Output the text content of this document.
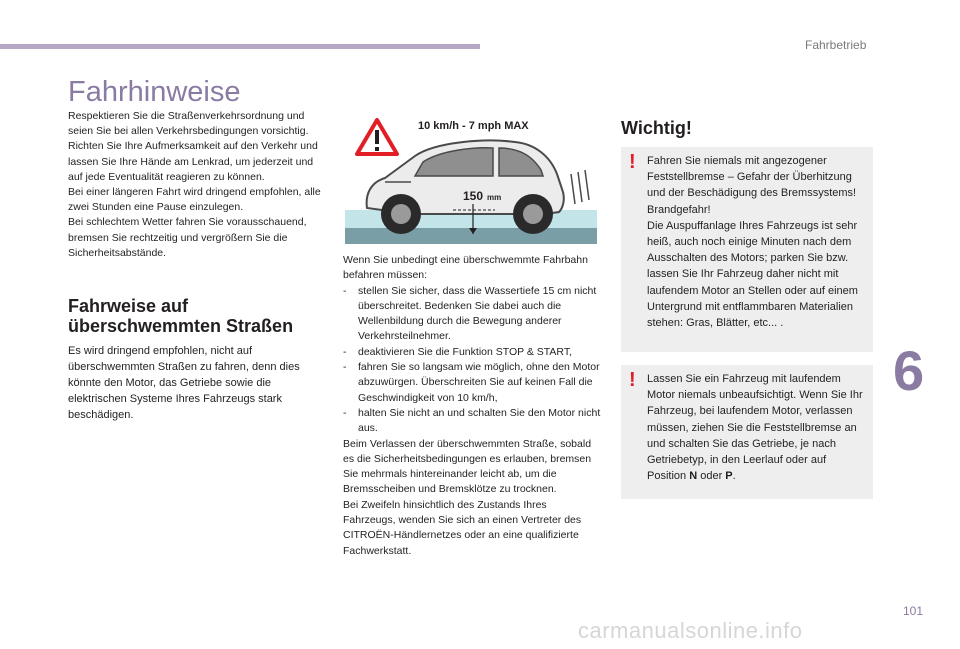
Fahrbetrieb
Fahrhinweise

Respektieren Sie die Straßenverkehrsordnung und seien Sie bei allen Verkehrsbedingungen vorsichtig.

Richten Sie Ihre Aufmerksamkeit auf den Verkehr und lassen Sie Ihre Hände am Lenkrad, um jederzeit und auf jede Eventualität reagieren zu können.

Bei einer längeren Fahrt wird dringend empfohlen, alle zwei Stunden eine Pause einzulegen.

Bei schlechtem Wetter fahren Sie vorausschauend, bremsen Sie rechtzeitig und vergrößern Sie die Sicherheitsabstände.

Fahrweise auf überschwemmten Straßen

Es wird dringend empfohlen, nicht auf überschwemmten Straßen zu fahren, denn dies könnte den Motor, das Getriebe sowie die elektrischen Systeme Ihres Fahrzeugs stark beschädigen.

150 mm
10 km/h - 7 mph MAX

Wenn Sie unbedingt eine überschwemmte Fahrbahn befahren müssen:

- stellen Sie sicher, dass die Wassertiefe 15 cm nicht überschreitet. Bedenken Sie dabei auch die Wellenbildung durch die Bewegung anderer Verkehrsteilnehmer.
- deaktivieren Sie die Funktion STOP & START,
- fahren Sie so langsam wie möglich, ohne den Motor abzuwürgen. Überschreiten Sie auf keinen Fall die Geschwindigkeit von 10 km/h,
- halten Sie nicht an und schalten Sie den Motor nicht aus.

Beim Verlassen der überschwemmten Straße, sobald es die Sicherheitsbedingungen es erlauben, bremsen Sie mehrmals hintereinander leicht ab, um die Bremsscheiben und Bremsklötze zu trocknen.

Bei Zweifeln hinsichtlich des Zustands Ihres Fahrzeugs, wenden Sie sich an einen Vertreter des CITROËN-Händlernetzes oder an eine qualifizierte Fachwerkstatt.

Wichtig!
! Fahren Sie niemals mit angezogener Feststellbremse – Gefahr der Überhitzung und der Beschädigung des Bremssystems!

Brandgefahr!

Die Auspuffanlage Ihres Fahrzeugs ist sehr heiß, auch noch einige Minuten nach dem Ausschalten des Motors; parken Sie bzw. lassen Sie Ihr Fahrzeug daher nicht mit laufendem Motor an Stellen oder auf einem Untergrund mit entflammbaren Materialien stehen: Gras, Blätter, etc... .

! Lassen Sie ein Fahrzeug mit laufendem Motor niemals unbeaufsichtigt. Wenn Sie Ihr Fahrzeug, bei laufendem Motor, verlassen müssen, ziehen Sie die Feststellbremse an und schalten Sie das Getriebe, je nach Getriebetyp, in den Leerlauf oder auf Position N oder P.

6
101
carmanualsonline.info
